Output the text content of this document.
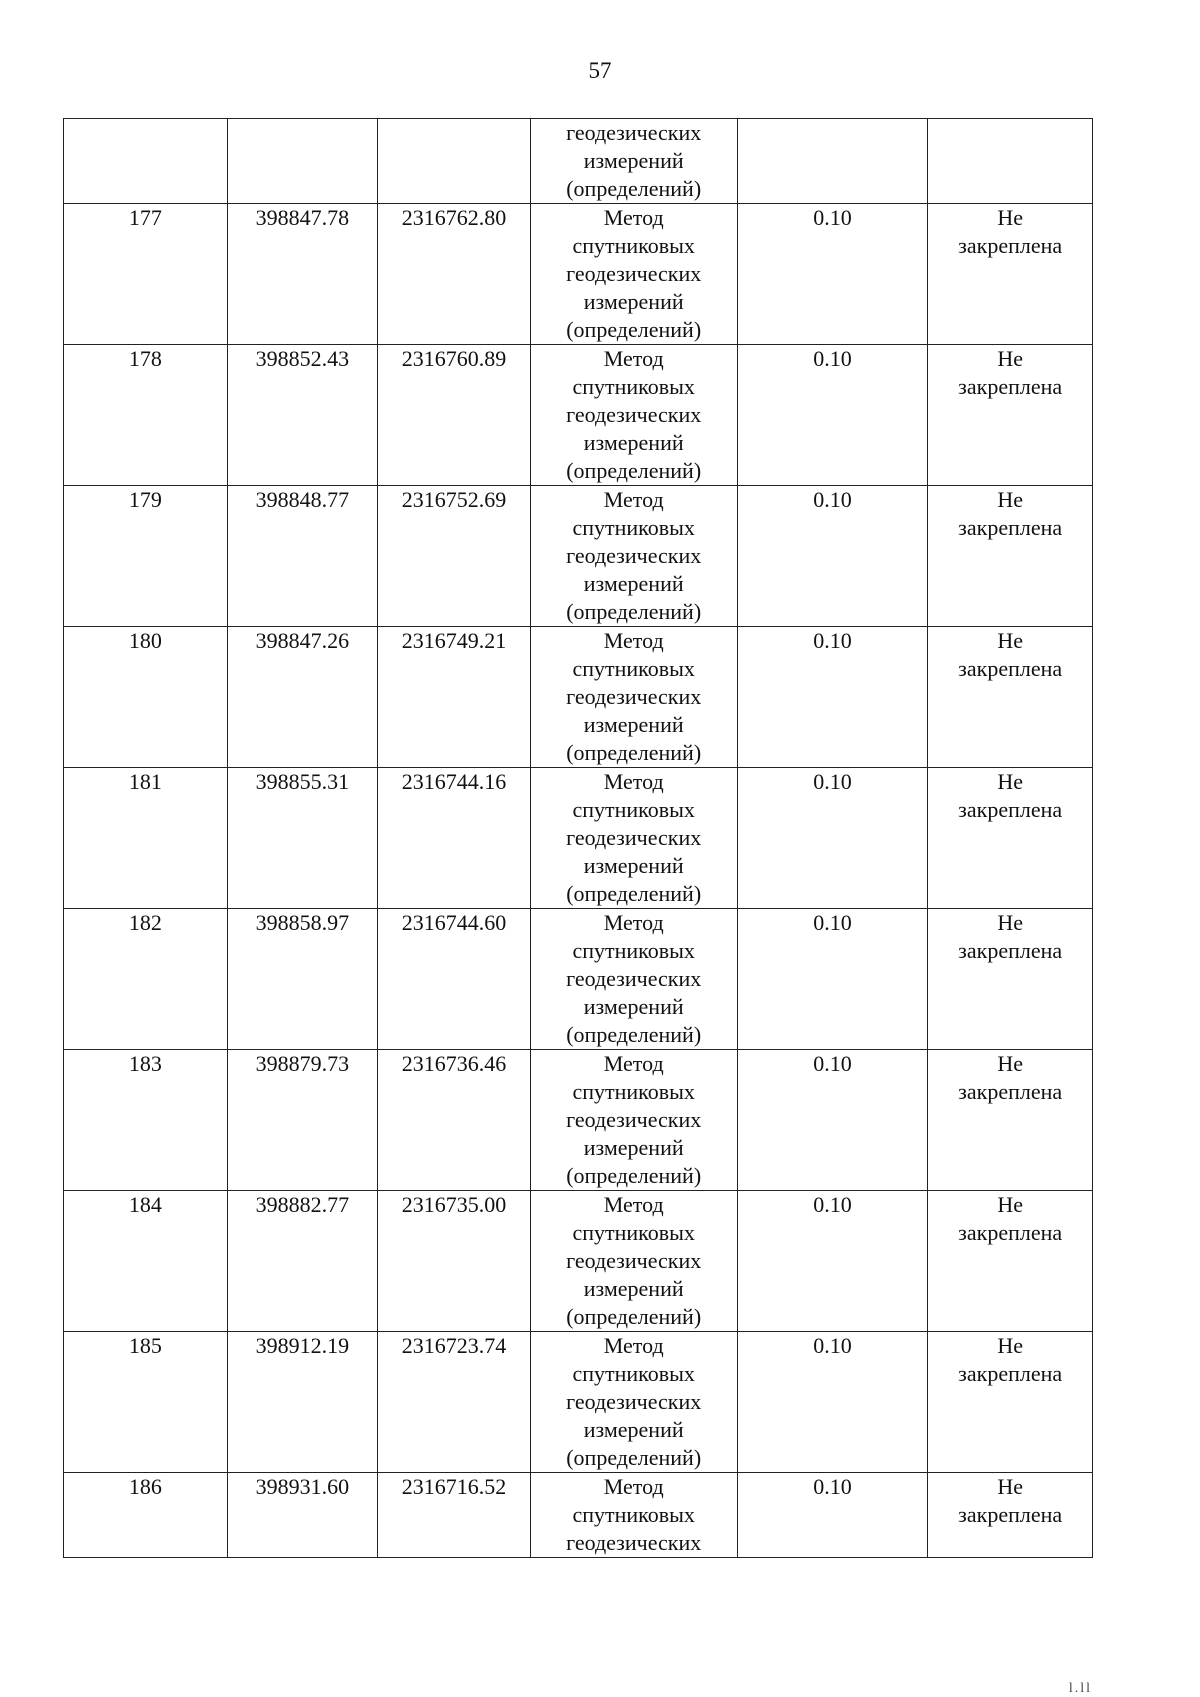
57

			геодезических
измерений
(определений)		

177	398847.78	2316762.80	Метод
спутниковых
геодезических
измерений
(определений)	0.10	Не
закреплена

178	398852.43	2316760.89	Метод
спутниковых
геодезических
измерений
(определений)	0.10	Не
закреплена

179	398848.77	2316752.69	Метод
спутниковых
геодезических
измерений
(определений)	0.10	Не
закреплена

180	398847.26	2316749.21	Метод
спутниковых
геодезических
измерений
(определений)	0.10	Не
закреплена

181	398855.31	2316744.16	Метод
спутниковых
геодезических
измерений
(определений)	0.10	Не
закреплена

182	398858.97	2316744.60	Метод
спутниковых
геодезических
измерений
(определений)	0.10	Не
закреплена

183	398879.73	2316736.46	Метод
спутниковых
геодезических
измерений
(определений)	0.10	Не
закреплена

184	398882.77	2316735.00	Метод
спутниковых
геодезических
измерений
(определений)	0.10	Не
закреплена

185	398912.19	2316723.74	Метод
спутниковых
геодезических
измерений
(определений)	0.10	Не
закреплена

186	398931.60	2316716.52	Метод
спутниковых
геодезических	0.10	Не
закреплена
l.ll
